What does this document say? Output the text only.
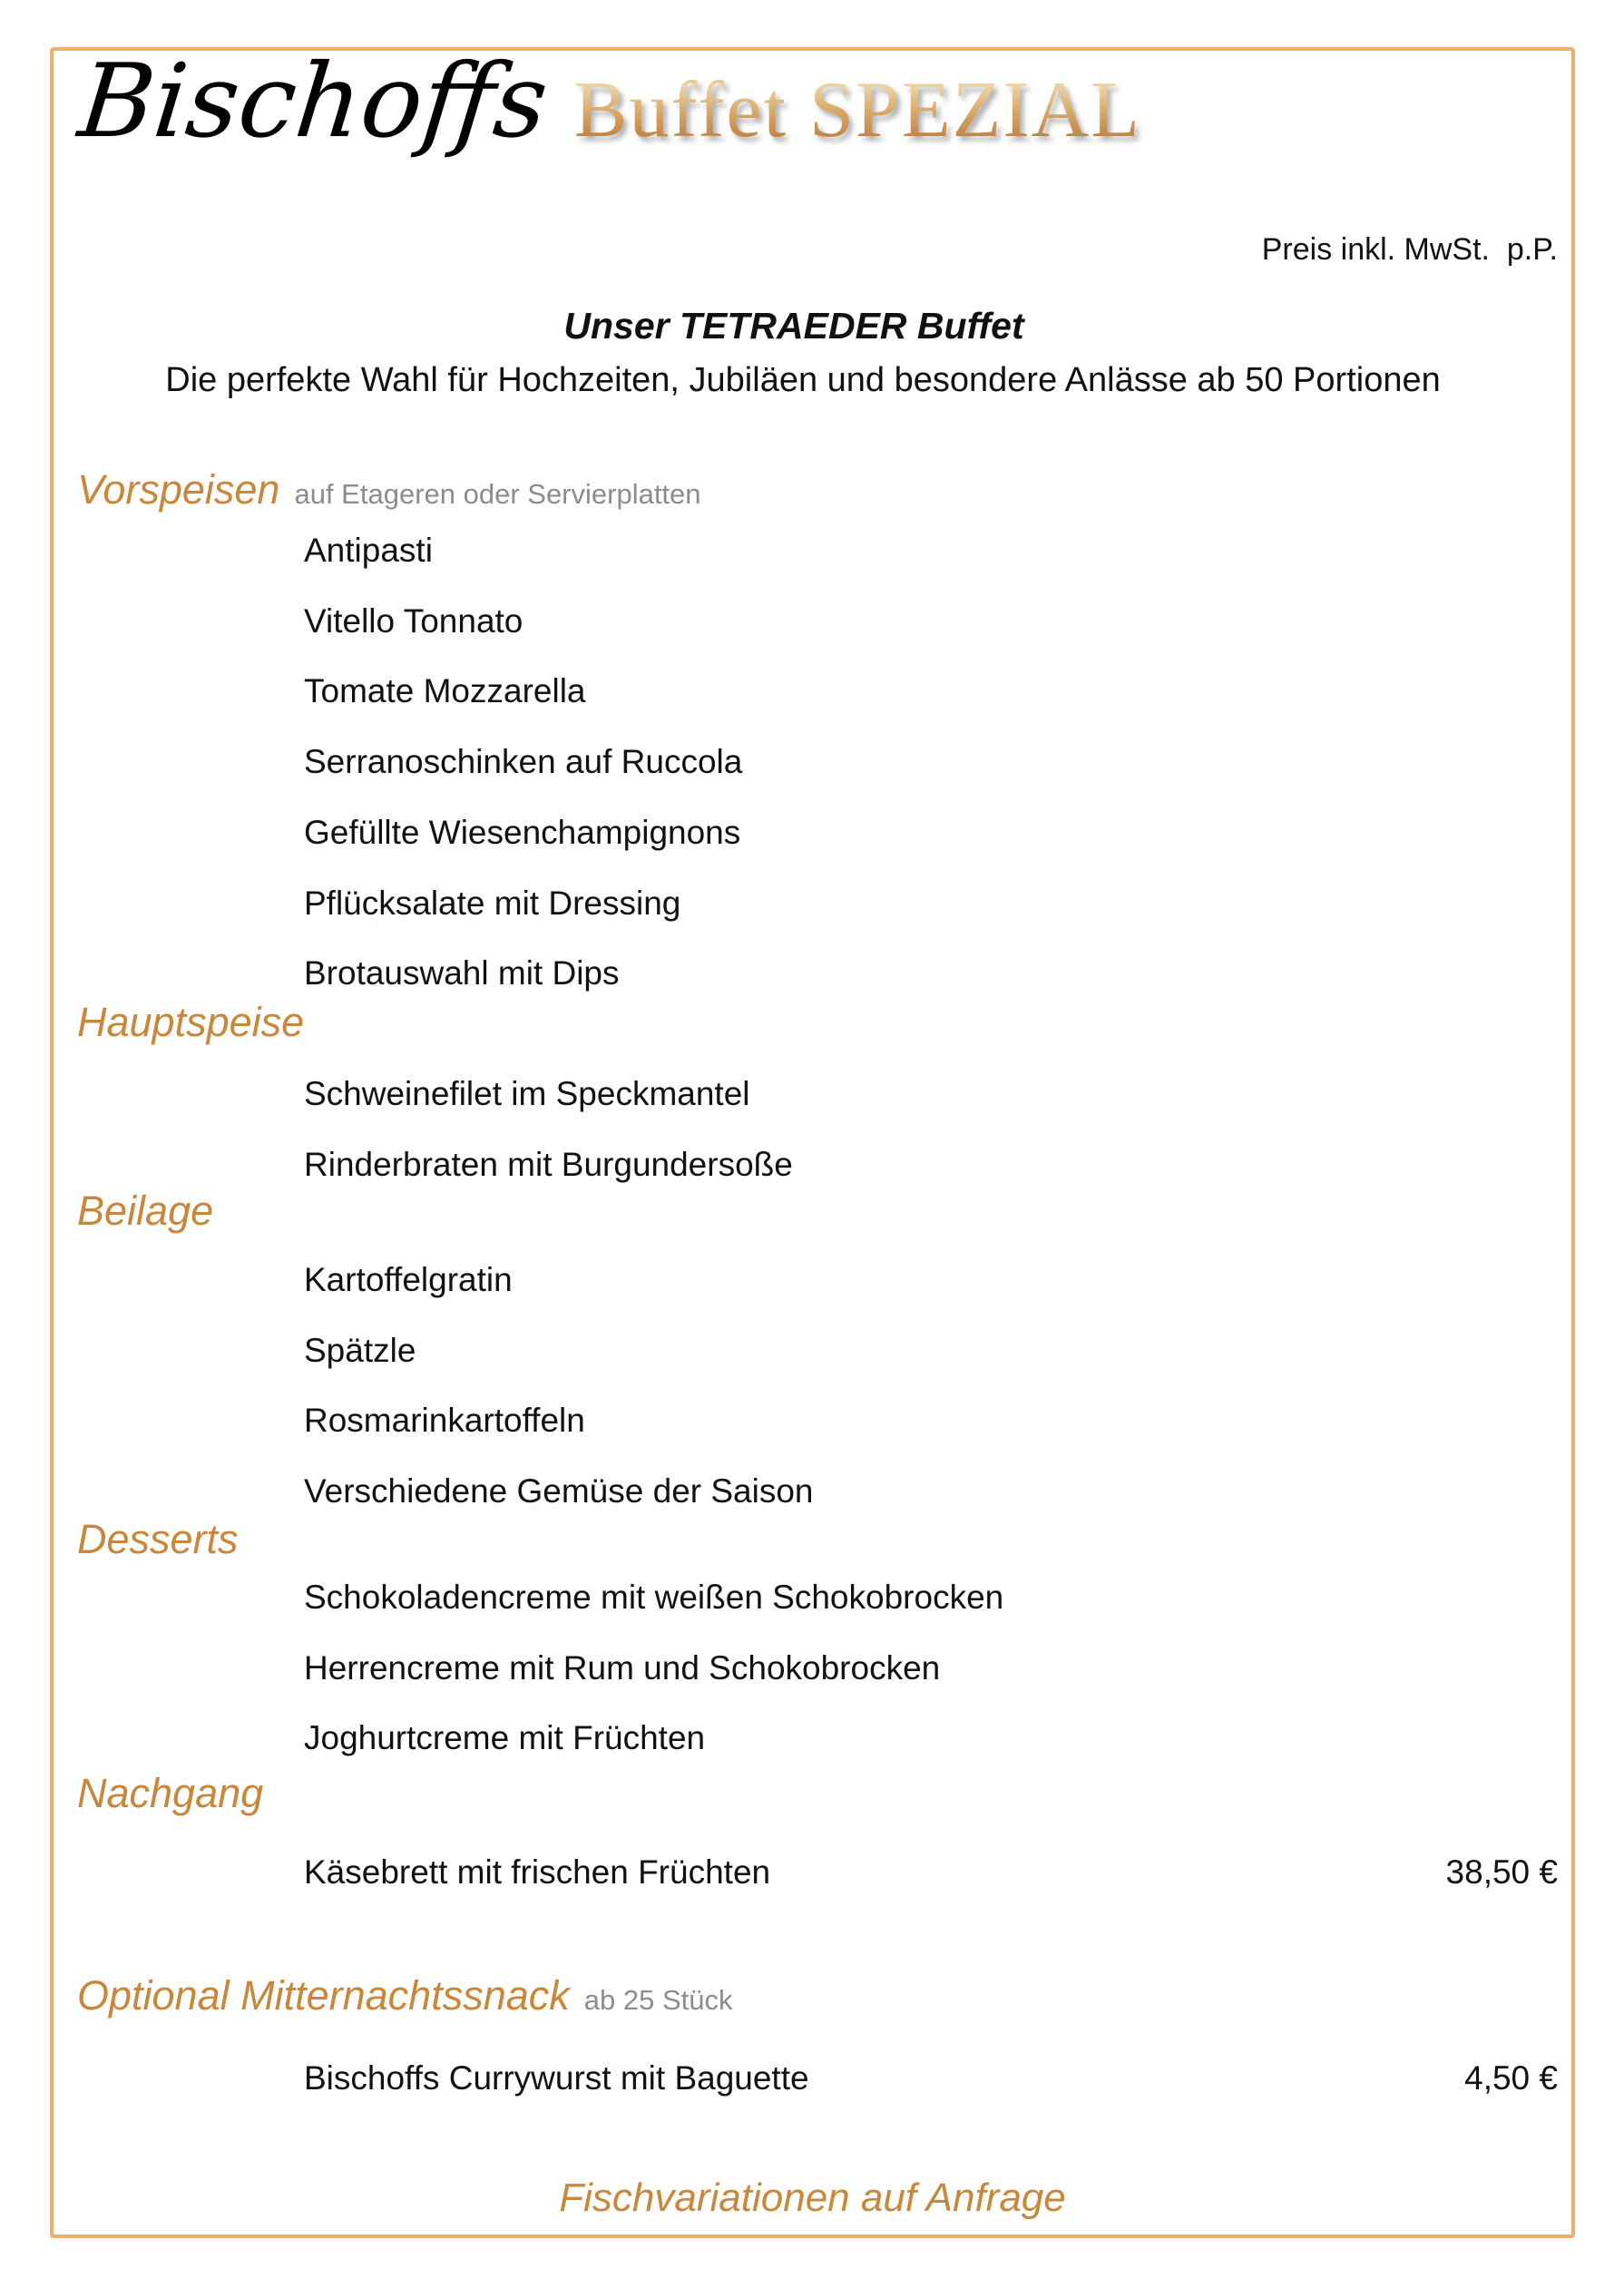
Bischoffs Buffet SPEZIAL
Preis inkl. MwSt.  p.P.
Unser TETRAEDER Buffet
Die perfekte Wahl für Hochzeiten, Jubiläen und besondere Anlässe ab 50 Portionen
Vorspeisen auf Etageren oder Servierplatten
Antipasti
Vitello Tonnato
Tomate Mozzarella
Serranoschinken auf Ruccola
Gefüllte Wiesenchampignons
Pflücksalate mit Dressing
Brotauswahl mit Dips
Hauptspeise
Schweinefilet im Speckmantel
Rinderbraten mit Burgundersoße
Beilage
Kartoffelgratin
Spätzle
Rosmarinkartoffeln
Verschiedene Gemüse der Saison
Desserts
Schokoladencreme mit weißen Schokobrocken
Herrencreme mit Rum und Schokobrocken
Joghurtcreme mit Früchten
Nachgang
Käsebrett mit frischen Früchten	38,50 €
Optional Mitternachtssnack ab 25 Stück
Bischoffs Currywurst mit Baguette	4,50 €
Fischvariationen auf Anfrage
